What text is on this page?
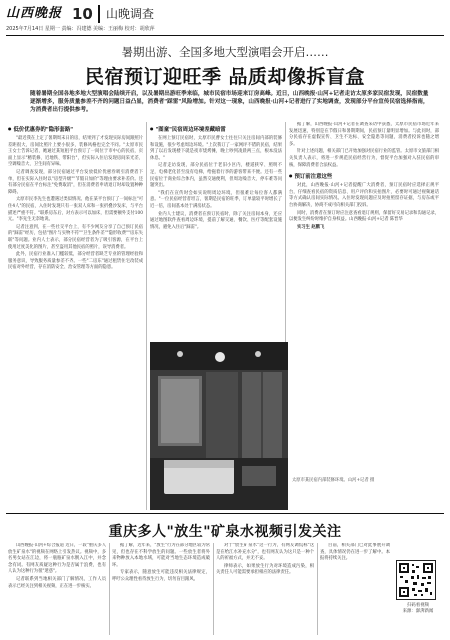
山西晚报 10	山晚调查
2025年7月14日 星期一 责编：冯建德 美编：王丽梅 校对：胡欣萍
暑期出游、全国多地大型演唱会开启……
民宿预订迎旺季 品质却像拆盲盒
随着暑期全国各地多地大型演唱会陆续开启，以及暑期出游旺季来临，城市民宿市场迎来订房高峰。近日，山西晚报·山河+记者走访太原多家民宿发现，民宿数量逐渐增多，服务质量参差不齐的问题日益凸显，消费者"踩雷"风险增加。针对这一现象，山西晚报·山河+记者进行了实地调查，发现部分平台宣传民宿选择指南，为消费者出行提供参考。
● 低价优惠券的"隐形套路"

"最近我在上定了暑期周末日的房，结果到了才发现实际房间跟照片差距很大，房间比照片上要小很多，装修风格也完全不同。"太原市民王女士告诉记者，她通过某短租平台预订了一间位于市中心的民宿，页面上显示"精装修、近地铁、带阳台"，但实际入住后发现房间采光差、空调噪音大、卫生间有异味。

记者调查发现，部分民宿通过平台发放低价优惠券吸引消费者下单，但在实际入住时以"房型升级""节假日加价"等理由要求补差价。还有部分民宿在平台标注"免费取消"，但在消费者申请退订时却设置种种障碍。

太原市民李先生也遭遇过类似情况。他在某平台预订了一间标注"可住4人"的民宿，入住时发现只有一张双人床和一张折叠沙发床，与平台描述严重不符。"联系房东后，对方表示可以加床，但需要额外支付100元。"李先生无奈地说。

记者注意到，在一些社交平台上，有不少网友分享了自己预订民宿的"踩雷"经历，包括"图片与实物不符""卫生条件差""隐形收费""房东失联"等问题。业内人士表示，部分民宿经营者为了吸引客源，在平台上使用过度美化的图片，甚至盗用其他民宿的照片，误导消费者。

此外，民宿行业准入门槛较低，部分经营者缺乏专业的管理经验和服务意识，导致服务质量参差不齐。一些"二房东"通过租赁住宅改装成民宿对外经营，存在消防安全、治安管理等方面的隐患。

● "图童"民宿周边环境差藏暗雷

在网上预订民宿时，太原市民曹女士往往只关注房间内部的装修和设施，很少考虑周边环境。"上次我订了一家网评不错的民宿，结果到了以后发现楼下就是夜市烧烤摊，晚上吵到凌晨两三点，根本没法休息。"

记者走访发现，部分民宿位于老旧小区内，楼道狭窄、照明不足，电梯老化甚至没有电梯，给拖着行李的游客带来不便。还有一些民宿位于商业综合体内，虽然交通便利，但周边噪音大、停车难等问题突出。

"我们在宣传时会如实说明周边环境，但很难让每位客人都满意。"一位民宿经营者坦言，暑期是民宿的旺季，订单量较平时增长了近一倍，房间基本处于满房状态。

业内人士建议，消费者在预订民宿时，除了关注房间本身，还应通过地图软件查看周边环境，提前了解交通、餐饮、医疗等配套设施情况，避免入住后"踩雷"。

据了解，山西晚报·山河+记者在调查采访中获悉，太原市民宿市场近年来发展迅速，特别是在节假日和暑期期间，民宿预订量明显增加。与此同时，部分民宿存在虚假宣传、卫生不达标、安全隐患等问题，消费者投诉也随之增多。

针对上述问题，相关部门已开始加强对民宿行业的监管。太原市文旅部门相关负责人表示，将进一步规范民宿经营行为，督促平台加强对入驻民宿的审核，保障消费者合法权益。

● 预订前注意这些

对此，山西晚报·山河+记者提醒广大消费者，预订民宿时应选择正规平台，仔细查看民宿的资质信息、用户评价和实拍图片，必要时可通过视频通话等方式确认房间实际情况。入住时发现问题应及时拍照留存证据，与房东或平台协商解决，协商不成可向相关部门投诉。

同时，消费者在预订时应注意查看退订规则，保留好交易记录和沟通记录，以便发生纠纷时维护自身权益。山西晚报·山河+记者 陈晋华

实习生 赵鹏飞

太原市某民宿内部装修环境。山河+记者 摄
重庆多人"放生"矿泉水视频引发关注

山西晚报·山河+综合报道 近日，一段"重庆多人放生矿泉水"的视频在网络上引发热议。视频中，多名男女站在江边，将一瓶瓶矿泉水倒入江中，并念念有词。有网友质疑这种行为是否属于浪费，也有人认为这种行为很"迷惑"。

记者联系到当地相关部门了解情况，工作人员表示已经关注到相关视频，正在进一步核实。

据了解，近年来，"放生"行为在部分地区较为常见，但也存在不科学放生的问题。一些放生者将外来物种放入本地水域，可能对当地生态环境造成破坏。

专家表示，随意放生可能违反相关法律规定，呼吁公众理性看待放生行为，切勿盲目跟风。

对于"放生矿泉水"这一行为，有网友调侃称"这是在给江水补充水分"，也有网友认为这只是一种个人的祈福方式，并无不妥。

律师表示，如果放生行为对环境造成污染，相关责任人可能需要承担相应的法律责任。

目前，相关部门已对此事展开调查，具体情况仍在进一步了解中。本报将持续关注。

扫码看视频
来源：澎湃新闻
